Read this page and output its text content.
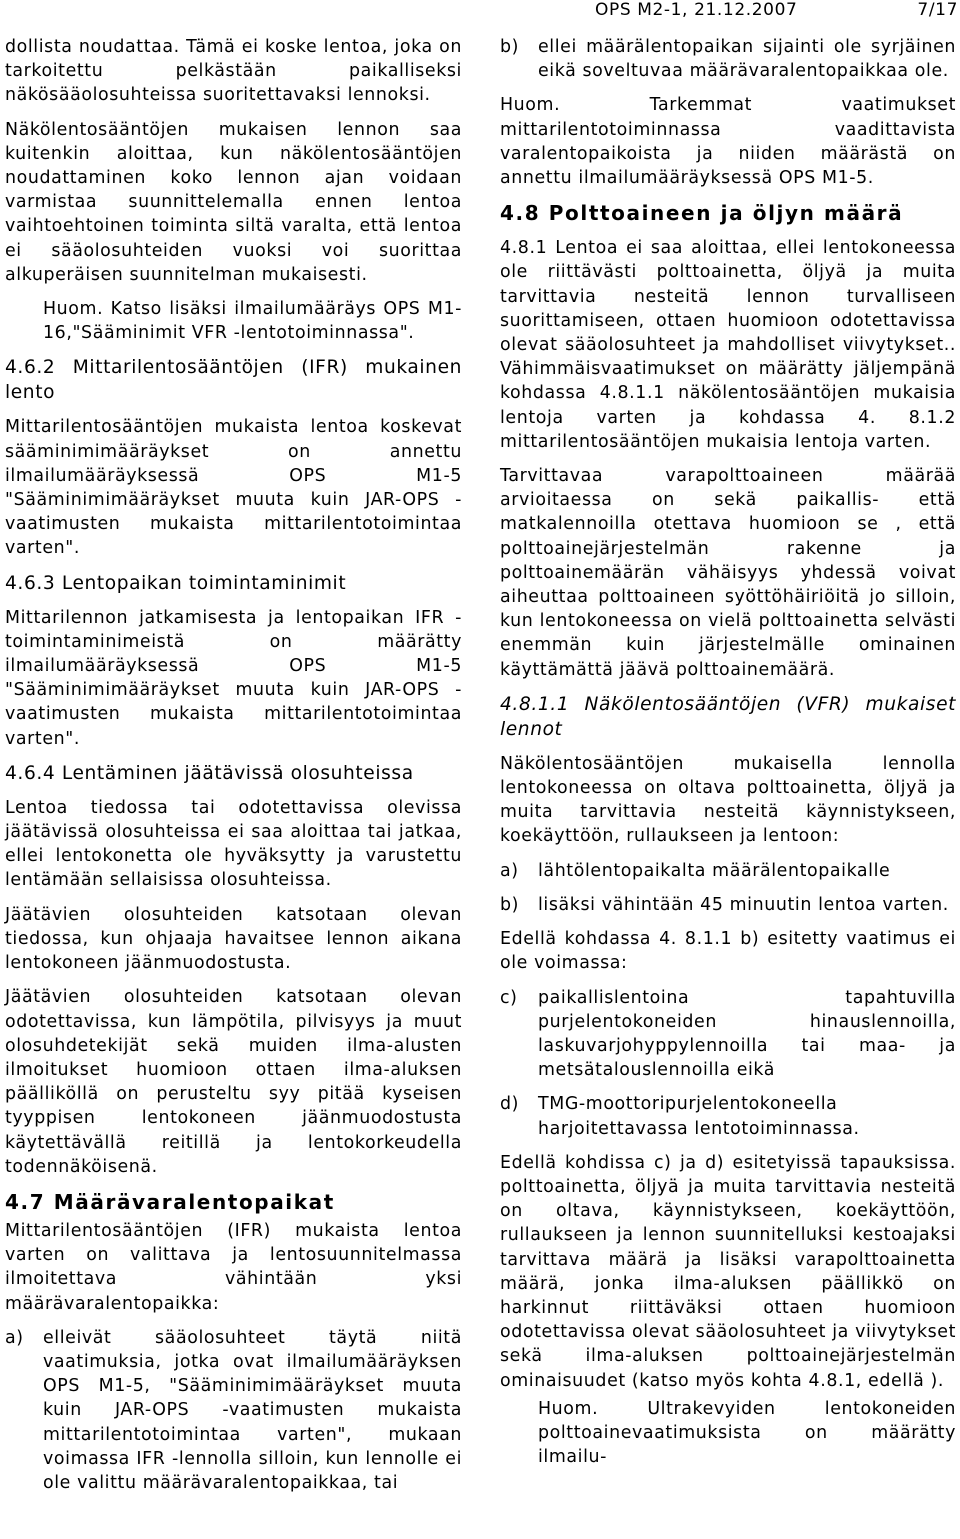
OPS M2-1, 21.12.2007	7/17

dollista noudattaa. Tämä ei koske lentoa, joka on tarkoitettu pelkästään paikalliseksi näkösääolosuhteissa suoritettavaksi lennoksi.

Näkölentosääntöjen mukaisen lennon saa kuitenkin aloittaa, kun näkölentosääntöjen noudattaminen koko lennon ajan voidaan varmistaa suunnittelemalla ennen lentoa vaihtoehtoinen toiminta siltä varalta, että lentoa ei sääolosuhteiden vuoksi voi suorittaa alkuperäisen suunnitelman mukaisesti.

Huom. Katso lisäksi ilmailumääräys OPS M1-16,"Sääminimit VFR -lentotoiminnassa".

4.6.2 Mittarilentosääntöjen (IFR) mukainen lento

Mittarilentosääntöjen mukaista lentoa koskevat sääminimimääräykset on annettu ilmailumääräyksessä OPS M1-5 "Sääminimimääräykset muuta kuin JAR-OPS -vaatimusten mukaista mittarilentotoimintaa varten".

4.6.3 Lentopaikan toimintaminimit

Mittarilennon jatkamisesta ja lentopaikan IFR -toimintaminimeistä on määrätty ilmailumääräyksessä OPS M1-5 "Sääminimimääräykset muuta kuin JAR-OPS -vaatimusten mukaista mittarilentotoimintaa varten".

4.6.4 Lentäminen jäätävissä olosuhteissa

Lentoa tiedossa tai odotettavissa olevissa jäätävissä olosuhteissa ei saa aloittaa tai jatkaa, ellei lentokonetta ole hyväksytty ja varustettu lentämään sellaisissa olosuhteissa.

Jäätävien olosuhteiden katsotaan olevan tiedossa, kun ohjaaja havaitsee lennon aikana lentokoneen jäänmuodostusta.

Jäätävien olosuhteiden katsotaan olevan odotettavissa, kun lämpötila, pilvisyys ja muut olosuhdetekijät sekä muiden ilma-alusten ilmoitukset huomioon ottaen ilma-aluksen päälliköllä on perusteltu syy pitää kyseisen tyyppisen lentokoneen jäänmuodostusta käytettävällä reitillä ja lentokorkeudella todennäköisenä.

4.7 Määrävaralentopaikat

Mittarilentosääntöjen (IFR) mukaista lentoa varten on valittava ja lentosuunnitelmassa ilmoitettava vähintään yksi määrävaralentopaikka:

a)	elleivät sääolosuhteet täytä niitä vaatimuksia, jotka ovat ilmailumääräyksen OPS M1-5, "Sääminimimääräykset muuta kuin JAR-OPS -vaatimusten mukaista mittarilentotoimintaa varten", mukaan voimassa IFR -lennolla silloin, kun lennolle ei ole valittu määrävaralentopaikkaa, tai
b)	ellei määrälentopaikan sijainti ole syrjäinen eikä soveltuvaa määrävaralentopaikkaa ole.

Huom. Tarkemmat vaatimukset mittarilentotoiminnassa vaadittavista varalentopaikoista ja niiden määrästä on annettu ilmailumääräyksessä OPS M1-5.

4.8 Polttoaineen ja öljyn määrä

4.8.1 Lentoa ei saa aloittaa, ellei lentokoneessa ole riittävästi polttoainetta, öljyä ja muita tarvittavia nesteitä lennon turvalliseen suorittamiseen, ottaen huomioon odotettavissa olevat sääolosuhteet ja mahdolliset viivytykset.. Vähimmäisvaatimukset on määrätty jäljempänä kohdassa 4.8.1.1 näkölentosääntöjen mukaisia lentoja varten ja kohdassa 4. 8.1.2 mittarilentosääntöjen mukaisia lentoja varten.

Tarvittavaa varapolttoaineen määrää arvioitaessa on sekä paikallis- että matkalennoilla otettava huomioon se , että polttoainejärjestelmän rakenne ja polttoainemäärän vähäisyys yhdessä voivat aiheuttaa polttoaineen syöttöhäiriöitä jo silloin, kun lentokoneessa on vielä polttoainetta selvästi enemmän kuin järjestelmälle ominainen käyttämättä jäävä polttoainemäärä.

4.8.1.1 Näkölentosääntöjen (VFR) mukaiset lennot

Näkölentosääntöjen mukaisella lennolla lentokoneessa on oltava polttoainetta, öljyä ja muita tarvittavia nesteitä käynnistykseen, koekäyttöön, rullaukseen ja lentoon:

a)	lähtölentopaikalta määrälentopaikalle
b)	lisäksi vähintään 45 minuutin lentoa varten.

Edellä kohdassa 4. 8.1.1 b) esitetty vaatimus ei ole voimassa:

c)	paikallislentoina tapahtuvilla purjelentokoneiden hinauslennoilla, laskuvarjohyppylennoilla tai maa- ja metsätalouslennoilla eikä
d)	TMG-moottoripurjelentokoneella harjoitettavassa lentotoiminnassa.

Edellä kohdissa c) ja d) esitetyissä tapauksissa. polttoainetta, öljyä ja muita tarvittavia nesteitä on oltava, käynnistykseen, koekäyttöön, rullaukseen ja lennon suunnitelluksi kestoajaksi tarvittava määrä ja lisäksi varapolttoainetta määrä, jonka ilma-aluksen päällikkö on harkinnut riittäväksi ottaen huomioon odotettavissa olevat sääolosuhteet ja viivytykset sekä ilma-aluksen polttoainejärjestelmän ominaisuudet (katso myös kohta 4.8.1, edellä ).

Huom. Ultrakevyiden lentokoneiden polttoainevaatimuksista on määrätty ilmailu-
